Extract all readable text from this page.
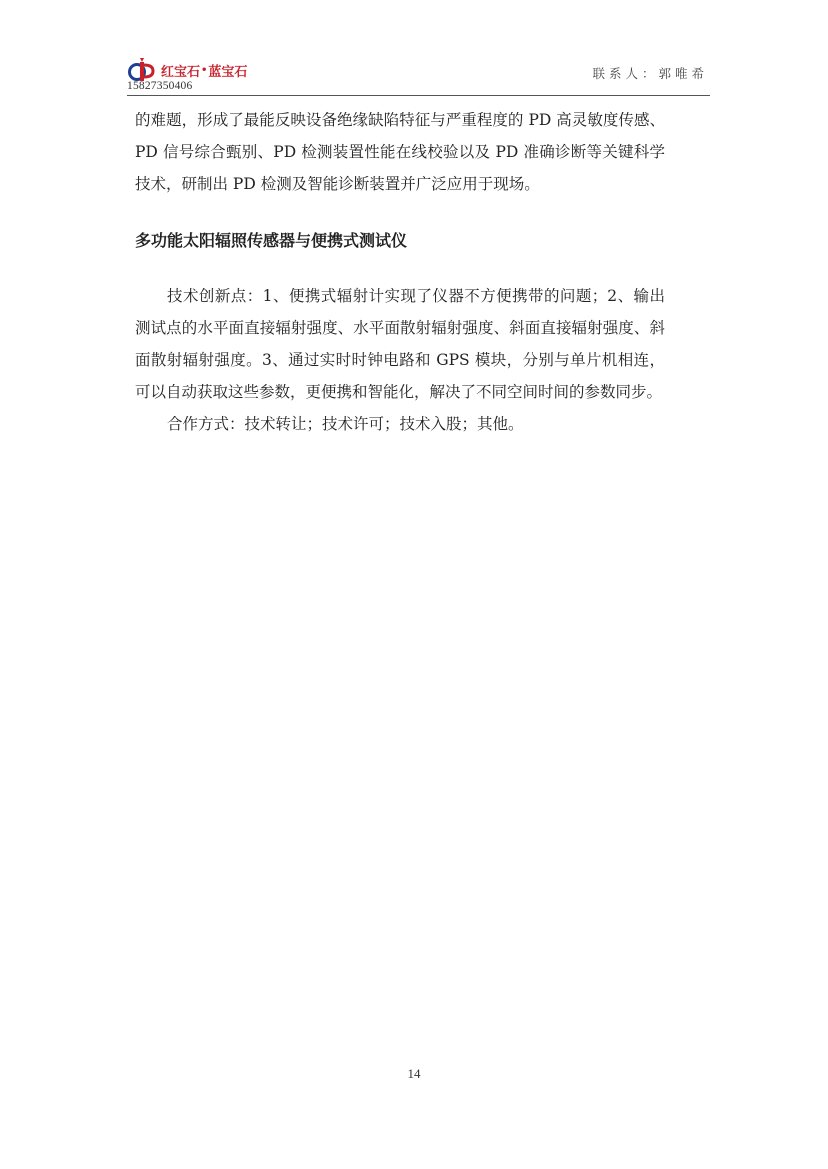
红宝石 • 蓝宝石
15827350406
联系人：郭唯希

的难题，形成了最能反映设备绝缘缺陷特征与严重程度的 PD 高灵敏度传感、PD 信号综合甄别、PD 检测装置性能在线校验以及 PD 准确诊断等关键科学技术，研制出 PD 检测及智能诊断装置并广泛应用于现场。

多功能太阳辐照传感器与便携式测试仪

技术创新点：1、便携式辐射计实现了仪器不方便携带的问题；2、输出测试点的水平面直接辐射强度、水平面散射辐射强度、斜面直接辐射强度、斜面散射辐射强度。3、通过实时时钟电路和 GPS 模块，分别与单片机相连，可以自动获取这些参数，更便携和智能化，解决了不同空间时间的参数同步。

合作方式：技术转让；技术许可；技术入股；其他。

14
